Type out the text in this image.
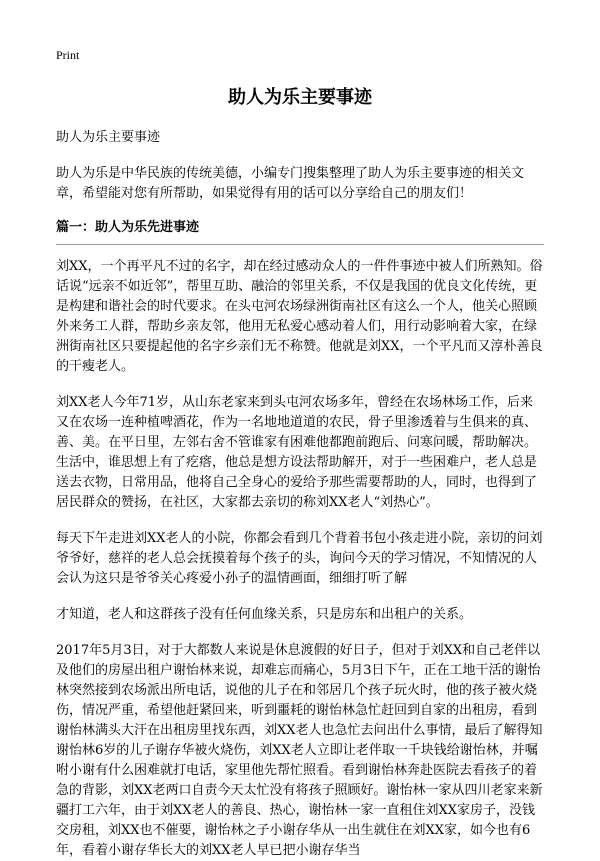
Print
助人为乐主要事迹

助人为乐主要事迹

助人为乐是中华民族的传统美德，小编专门搜集整理了助人为乐主要事迹的相关文章，希望能对您有所帮助，如果觉得有用的话可以分享给自己的朋友们！

篇一：助人为乐先进事迹

刘XX，一个再平凡不过的名字，却在经过感动众人的一件件事迹中被人们所熟知。俗话说“远亲不如近邻”，帮里互助、融洽的邻里关系，不仅是我国的优良文化传统，更是构建和谐社会的时代要求。在头屯河农场绿洲街南社区有这么一个人，他关心照顾外来务工人群，帮助乡亲友邻，他用无私爱心感动着人们，用行动影响着大家，在绿洲街南社区只要提起他的名字乡亲们无不称赞。他就是刘XX，一个平凡而又淳朴善良的干瘦老人。

刘XX老人今年71岁，从山东老家来到头屯河农场多年，曾经在农场林场工作，后来又在农场一连种植啤酒花，作为一名地地道道的农民，骨子里渗透着与生俱来的真、善、美。在平日里，左邻右舍不管谁家有困难他都跑前跑后、问寒问暖，帮助解决。生活中，谁思想上有了疙瘩，他总是想方设法帮助解开，对于一些困难户，老人总是送去衣物，日常用品，他将自己全身心的爱给予那些需要帮助的人，同时，也得到了居民群众的赞扬，在社区，大家都去亲切的称刘XX老人“刘热心”。

每天下午走进刘XX老人的小院，你都会看到几个背着书包小孩走进小院，亲切的问刘爷爷好，慈祥的老人总会抚摸着每个孩子的头，询问今天的学习情况，不知情况的人会认为这只是爷爷关心疼爱小孙子的温情画面，细细打听了解

才知道，老人和这群孩子没有任何血缘关系，只是房东和出租户的关系。

2017年5月3日，对于大都数人来说是休息渡假的好日子，但对于刘XX和自己老伴以及他们的房屋出租户谢怡林来说，却难忘而痛心，5月3日下午，正在工地干活的谢怡林突然接到农场派出所电话，说他的儿子在和邻居几个孩子玩火时，他的孩子被火烧伤，情况严重，希望他赶紧回来，听到噩耗的谢怡林急忙赶回到自家的出租房，看到谢怡林满头大汗在出租房里找东西，刘XX老人也急忙去问出什么事情，最后了解得知谢怡林6岁的儿子谢存华被火烧伤，刘XX老人立即让老伴取一千块钱给谢怡林，并嘱咐小谢有什么困难就打电话，家里他先帮忙照看。看到谢怡林奔赴医院去看孩子的着急的背影，刘XX老两口自责今天太忙没有将孩子照顾好。谢怡林一家从四川老家来新疆打工六年，由于刘XX老人的善良、热心，谢怡林一家一直租住刘XX家房子，没钱交房租，刘XX也不催要，谢怡林之子小谢存华从一出生就住在刘XX家，如今也有6年，看着小谢存华长大的刘XX老人早已把小谢存华当
